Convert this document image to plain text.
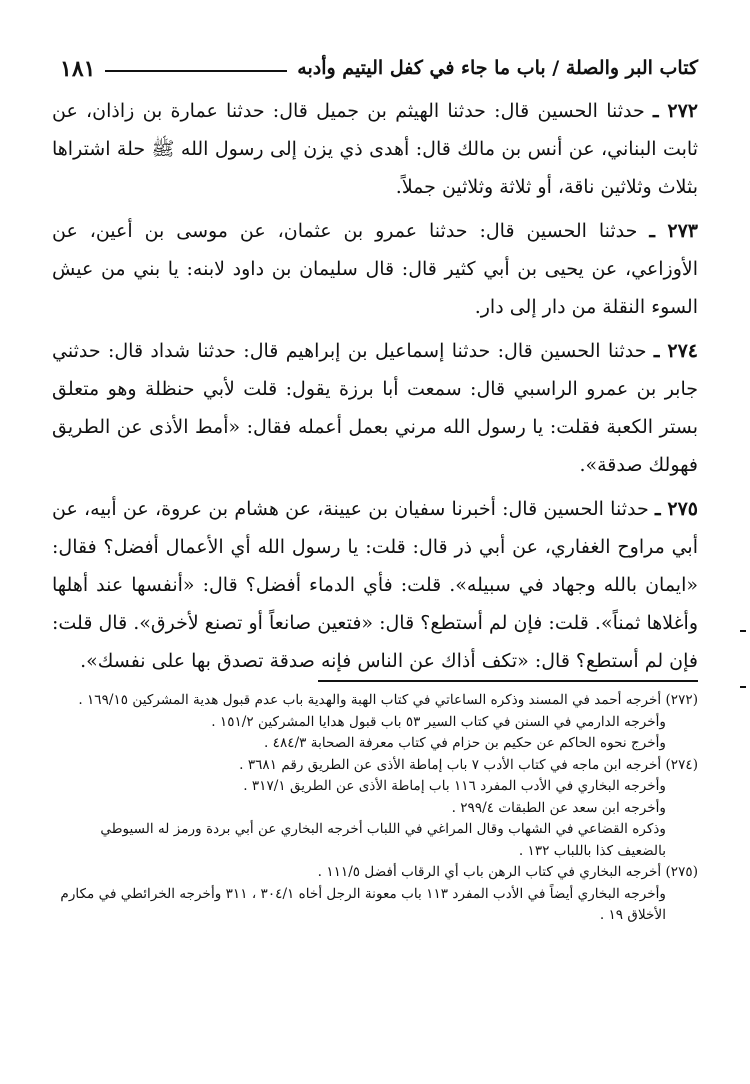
كتاب البر والصلة / باب ما جاء في كفل اليتيم وأدبه
١٨١

٢٧٢ ـ حدثنا الحسين قال: حدثنا الهيثم بن جميل قال: حدثنا عمارة بن زاذان، عن ثابت البناني، عن أنس بن مالك قال: أهدى ذي يزن إلى رسول الله ﷺ حلة اشتراها بثلاث وثلاثين ناقة، أو ثلاثة وثلاثين جملاً.

٢٧٣ ـ حدثنا الحسين قال: حدثنا عمرو بن عثمان، عن موسى بن أعين، عن الأوزاعي، عن يحيى بن أبي كثير قال: قال سليمان بن داود لابنه: يا بني من عيش السوء النقلة من دار إلى دار.

٢٧٤ ـ حدثنا الحسين قال: حدثنا إسماعيل بن إبراهيم قال: حدثنا شداد قال: حدثني جابر بن عمرو الراسبي قال: سمعت أبا برزة يقول: قلت لأبي حنظلة وهو متعلق بستر الكعبة فقلت: يا رسول الله مرني بعمل أعمله فقال: «أمط الأذى عن الطريق فهولك صدقة».

٢٧٥ ـ حدثنا الحسين قال: أخبرنا سفيان بن عيينة، عن هشام بن عروة، عن أبيه، عن أبي مراوح الغفاري، عن أبي ذر قال: قلت: يا رسول الله أي الأعمال أفضل؟ فقال: «ايمان بالله وجهاد في سبيله». قلت: فأي الدماء أفضل؟ قال: «أنفسها عند أهلها وأغلاها ثمناً». قلت: فإن لم أستطع؟ قال: «فتعين صانعاً أو تصنع لأخرق». قال قلت: فإن لم أستطع؟ قال: «تكف أذاك عن الناس فإنه صدقة تصدق بها على نفسك».

(٢٧٢) أخرجه أحمد في المسند وذكره الساعاتي في كتاب الهبة والهدية باب عدم قبول هدية المشركين ١٦٩/١٥ .

وأخرجه الدارمي في السنن في كتاب السير ٥٣ باب قبول هدايا المشركين ١٥١/٢ .

وأخرج نحوه الحاكم عن حكيم بن حزام في كتاب معرفة الصحابة ٤٨٤/٣ .

(٢٧٤) أخرجه ابن ماجه في كتاب الأدب ٧ باب إماطة الأذى عن الطريق رقم ٣٦٨١ .

وأخرجه البخاري في الأدب المفرد ١١٦ باب إماطة الأذى عن الطريق ٣١٧/١ .

وأخرجه ابن سعد عن الطبقات ٢٩٩/٤ .

وذكره القضاعي في الشهاب وقال المراغي في اللباب أخرجه البخاري عن أبي بردة ورمز له السيوطي بالضعيف كذا باللباب ١٣٢ .

(٢٧٥) أخرجه البخاري في كتاب الرهن باب أي الرقاب أفضل ١١١/٥ .

وأخرجه البخاري أيضاً في الأدب المفرد ١١٣ باب معونة الرجل أخاه ٣٠٤/١ ، ٣١١ وأخرجه الخرائطي في مكارم الأخلاق ١٩ .
